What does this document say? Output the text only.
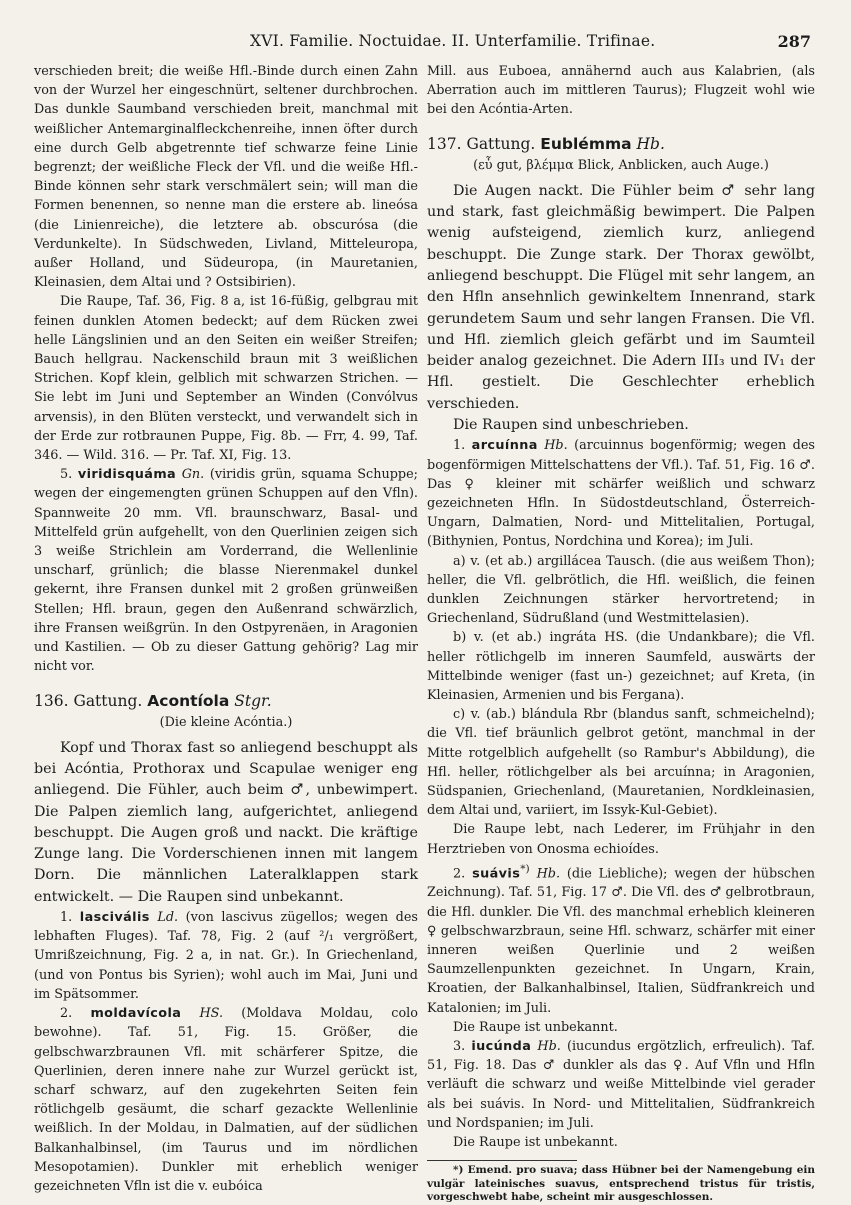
XVI. Familie. Noctuidae. II. Unterfamilie. Trifinae.	287

verschieden breit; die weiße Hfl.-Binde durch einen Zahn von der Wurzel her eingeschnürt, seltener durchbrochen. Das dunkle Saumband verschieden breit, manchmal mit weißlicher Antemarginalfleckchenreihe, innen öfter durch eine durch Gelb abgetrennte tief schwarze feine Linie begrenzt; der weißliche Fleck der Vfl. und die weiße Hfl.-Binde können sehr stark verschmälert sein; will man die Formen benennen, so nenne man die erstere ab. lineósa (die Linienreiche), die letztere ab. obscurósa (die Verdunkelte). In Südschweden, Livland, Mitteleuropa, außer Holland, und Südeuropa, (in Mauretanien, Kleinasien, dem Altai und ? Ostsibirien).

Die Raupe, Taf. 36, Fig. 8 a, ist 16-füßig, gelbgrau mit feinen dunklen Atomen bedeckt; auf dem Rücken zwei helle Längslinien und an den Seiten ein weißer Streifen; Bauch hellgrau. Nackenschild braun mit 3 weißlichen Strichen. Kopf klein, gelblich mit schwarzen Strichen. — Sie lebt im Juni und September an Winden (Convólvus arvensis), in den Blüten versteckt, und verwandelt sich in der Erde zur rotbraunen Puppe, Fig. 8b. — Frr, 4. 99, Taf. 346. — Wild. 316. — Pr. Taf. XI, Fig. 13.

5. viridisquáma Gn. (viridis grün, squama Schuppe; wegen der eingemengten grünen Schuppen auf den Vfln). Spannweite 20 mm. Vfl. braunschwarz, Basal- und Mittelfeld grün aufgehellt, von den Querlinien zeigen sich 3 weiße Strichlein am Vorderrand, die Wellenlinie unscharf, grünlich; die blasse Nierenmakel dunkel gekernt, ihre Fransen dunkel mit 2 großen grünweißen Stellen; Hfl. braun, gegen den Außenrand schwärzlich, ihre Fransen weißgrün. In den Ostpyrenäen, in Aragonien und Kastilien. — Ob zu dieser Gattung gehörig? Lag mir nicht vor.

136. Gattung. Acontíola Stgr.

(Die kleine Acóntia.)

Kopf und Thorax fast so anliegend beschuppt als bei Acóntia, Prothorax und Scapulae weniger eng anliegend. Die Fühler, auch beim ♂, unbewimpert. Die Palpen ziemlich lang, aufgerichtet, anliegend beschuppt. Die Augen groß und nackt. Die kräftige Zunge lang. Die Vorderschienen innen mit langem Dorn. Die männlichen Lateralklappen stark entwickelt. — Die Raupen sind unbekannt.

1. lascivális Ld. (von lascivus zügellos; wegen des lebhaften Fluges). Taf. 78, Fig. 2 (auf ²/₁ vergrößert, Umrißzeichnung, Fig. 2 a, in nat. Gr.). In Griechenland, (und von Pontus bis Syrien); wohl auch im Mai, Juni und im Spätsommer.

2. moldavícola HS. (Moldava Moldau, colo bewohne). Taf. 51, Fig. 15. Größer, die gelbschwarzbraunen Vfl. mit schärferer Spitze, die Querlinien, deren innere nahe zur Wurzel gerückt ist, scharf schwarz, auf den zugekehrten Seiten fein rötlichgelb gesäumt, die scharf gezackte Wellenlinie weißlich. In der Moldau, in Dalmatien, auf der südlichen Balkanhalbinsel, (im Taurus und im nördlichen Mesopotamien). Dunkler mit erheblich weniger gezeichneten Vfln ist die v. eubóica

Mill. aus Euboea, annähernd auch aus Kalabrien, (als Aberration auch im mittleren Taurus); Flugzeit wohl wie bei den Acóntia-Arten.

137. Gattung. Eublémma Hb.

(εὖ gut, βλέμμα Blick, Anblicken, auch Auge.)

Die Augen nackt. Die Fühler beim ♂ sehr lang und stark, fast gleichmäßig bewimpert. Die Palpen wenig aufsteigend, ziemlich kurz, anliegend beschuppt. Die Zunge stark. Der Thorax gewölbt, anliegend beschuppt. Die Flügel mit sehr langem, an den Hfln ansehnlich gewinkeltem Innenrand, stark gerundetem Saum und sehr langen Fransen. Die Vfl. und Hfl. ziemlich gleich gefärbt und im Saumteil beider analog gezeichnet. Die Adern III₃ und IV₁ der Hfl. gestielt. Die Geschlechter erheblich verschieden.

Die Raupen sind unbeschrieben.

1. arcuínna Hb. (arcuinnus bogenförmig; wegen des bogenförmigen Mittelschattens der Vfl.). Taf. 51, Fig. 16 ♂. Das ♀ kleiner mit schärfer weißlich und schwarz gezeichneten Hfln. In Südostdeutschland, Österreich-Ungarn, Dalmatien, Nord- und Mittelitalien, Portugal, (Bithynien, Pontus, Nordchina und Korea); im Juli.

a) v. (et ab.) argillácea Tausch. (die aus weißem Thon); heller, die Vfl. gelbrötlich, die Hfl. weißlich, die feinen dunklen Zeichnungen stärker hervortretend; in Griechenland, Südrußland (und Westmittelasien).

b) v. (et ab.) ingráta HS. (die Undankbare); die Vfl. heller rötlichgelb im inneren Saumfeld, auswärts der Mittelbinde weniger (fast un-) gezeichnet; auf Kreta, (in Kleinasien, Armenien und bis Fergana).

c) v. (ab.) blándula Rbr (blandus sanft, schmeichelnd); die Vfl. tief bräunlich gelbrot getönt, manchmal in der Mitte rotgelblich aufgehellt (so Rambur's Abbildung), die Hfl. heller, rötlichgelber als bei arcuínna; in Aragonien, Südspanien, Griechenland, (Mauretanien, Nordkleinasien, dem Altai und, variiert, im Issyk-Kul-Gebiet).

Die Raupe lebt, nach Lederer, im Frühjahr in den Herztrieben von Onosma echioídes.

2. suávis*) Hb. (die Liebliche); wegen der hübschen Zeichnung). Taf. 51, Fig. 17 ♂. Die Vfl. des ♂ gelbrotbraun, die Hfl. dunkler. Die Vfl. des manchmal erheblich kleineren ♀ gelbschwarzbraun, seine Hfl. schwarz, schärfer mit einer inneren weißen Querlinie und 2 weißen Saumzellenpunkten gezeichnet. In Ungarn, Krain, Kroatien, der Balkanhalbinsel, Italien, Südfrankreich und Katalonien; im Juli.

Die Raupe ist unbekannt.

3. iucúnda Hb. (iucundus ergötzlich, erfreulich). Taf. 51, Fig. 18. Das ♂ dunkler als das ♀. Auf Vfln und Hfln verläuft die schwarz und weiße Mittelbinde viel gerader als bei suávis. In Nord- und Mittelitalien, Südfrankreich und Nordspanien; im Juli.

Die Raupe ist unbekannt.

*) Emend. pro suava; dass Hübner bei der Namengebung ein vulgär lateinisches suavus, entsprechend tristus für tristis, vorgeschwebt habe, scheint mir ausgeschlossen.
